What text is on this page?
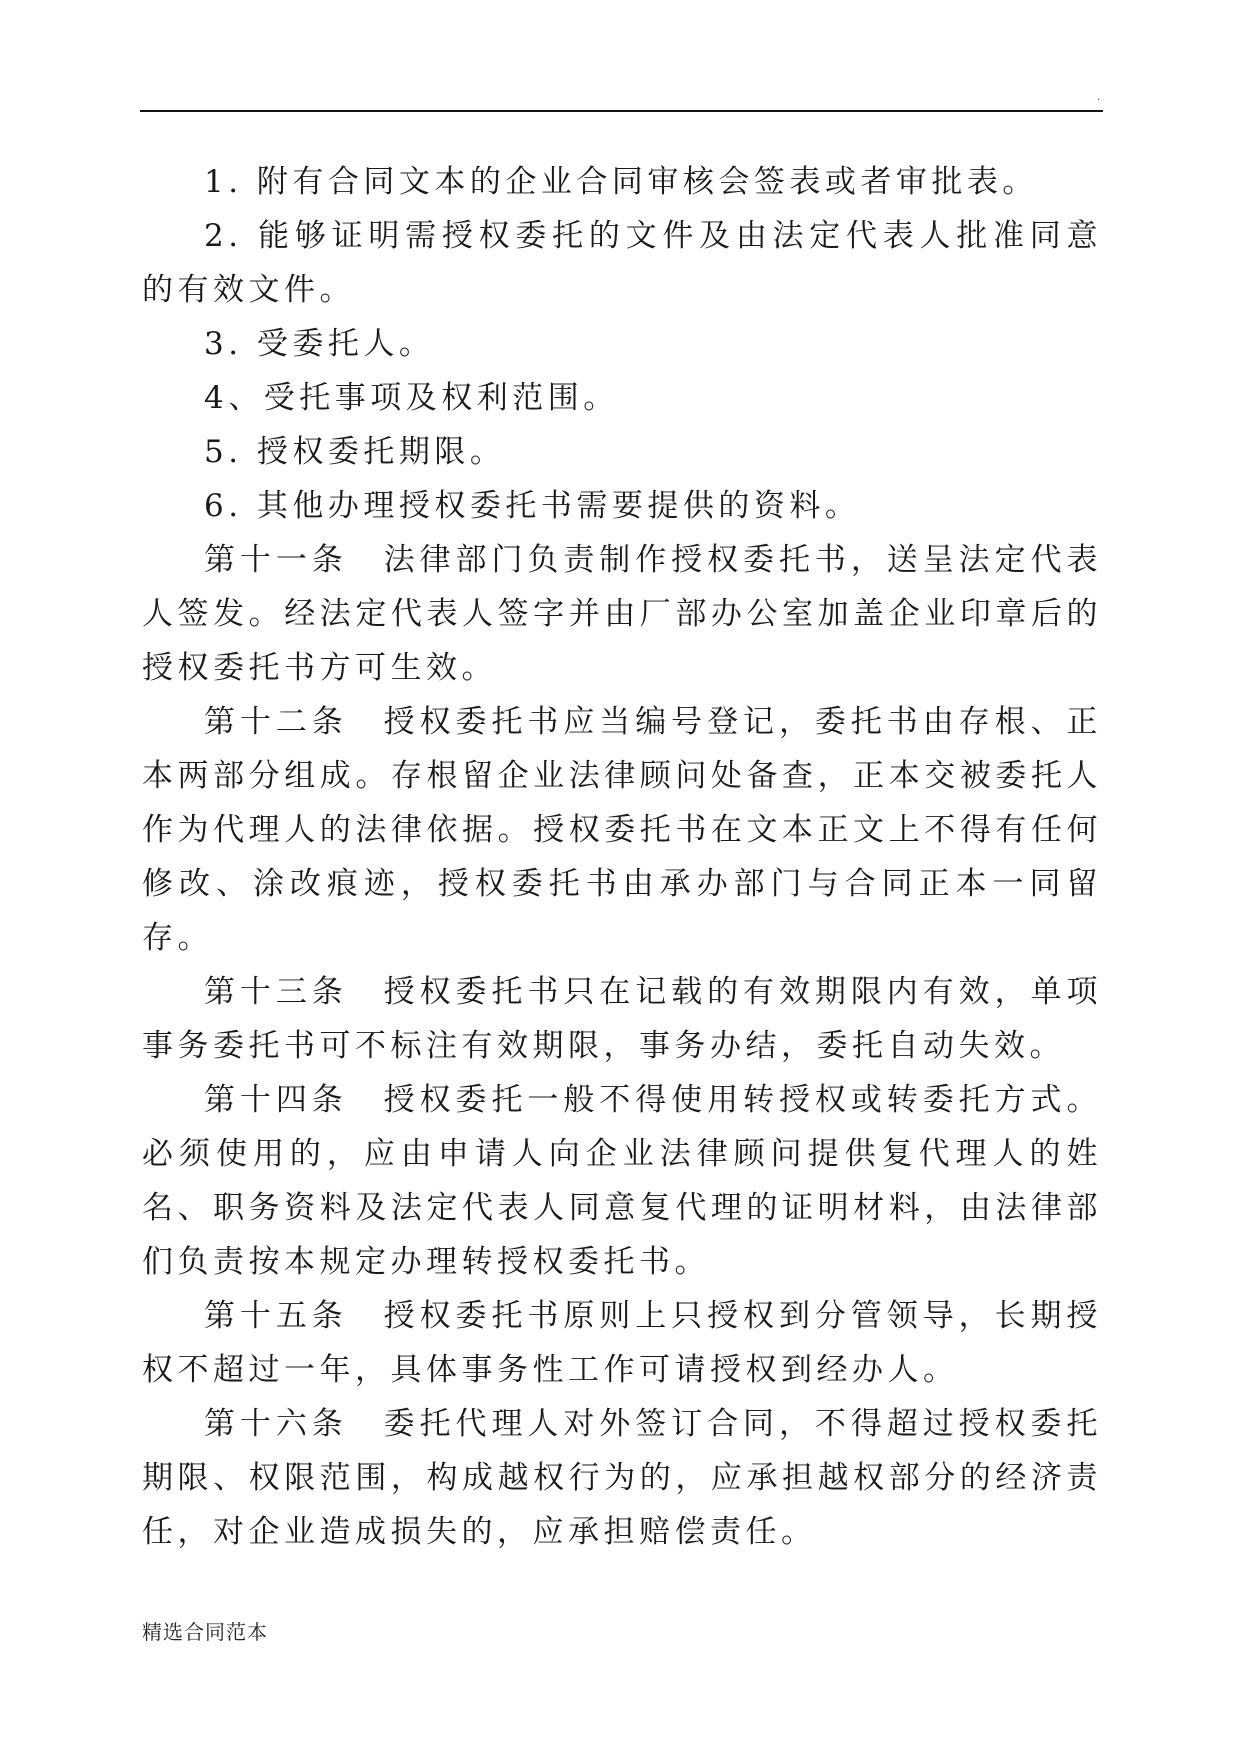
.

1. 附有合同文本的企业合同审核会签表或者审批表。

2. 能够证明需授权委托的文件及由法定代表人批准同意的有效文件。

3. 受委托人。

4、受托事项及权利范围。

5. 授权委托期限。

6. 其他办理授权委托书需要提供的资料。

第十一条　法律部门负责制作授权委托书，送呈法定代表人签发。经法定代表人签字并由厂部办公室加盖企业印章后的授权委托书方可生效。

第十二条　授权委托书应当编号登记，委托书由存根、正本两部分组成。存根留企业法律顾问处备查，正本交被委托人作为代理人的法律依据。授权委托书在文本正文上不得有任何修改、涂改痕迹，授权委托书由承办部门与合同正本一同留存。

第十三条　授权委托书只在记载的有效期限内有效，单项事务委托书可不标注有效期限，事务办结，委托自动失效。

第十四条　授权委托一般不得使用转授权或转委托方式。必须使用的，应由申请人向企业法律顾问提供复代理人的姓名、职务资料及法定代表人同意复代理的证明材料，由法律部们负责按本规定办理转授权委托书。

第十五条　授权委托书原则上只授权到分管领导，长期授权不超过一年，具体事务性工作可请授权到经办人。

第十六条　委托代理人对外签订合同，不得超过授权委托期限、权限范围，构成越权行为的，应承担越权部分的经济责任，对企业造成损失的，应承担赔偿责任。

精选合同范本
